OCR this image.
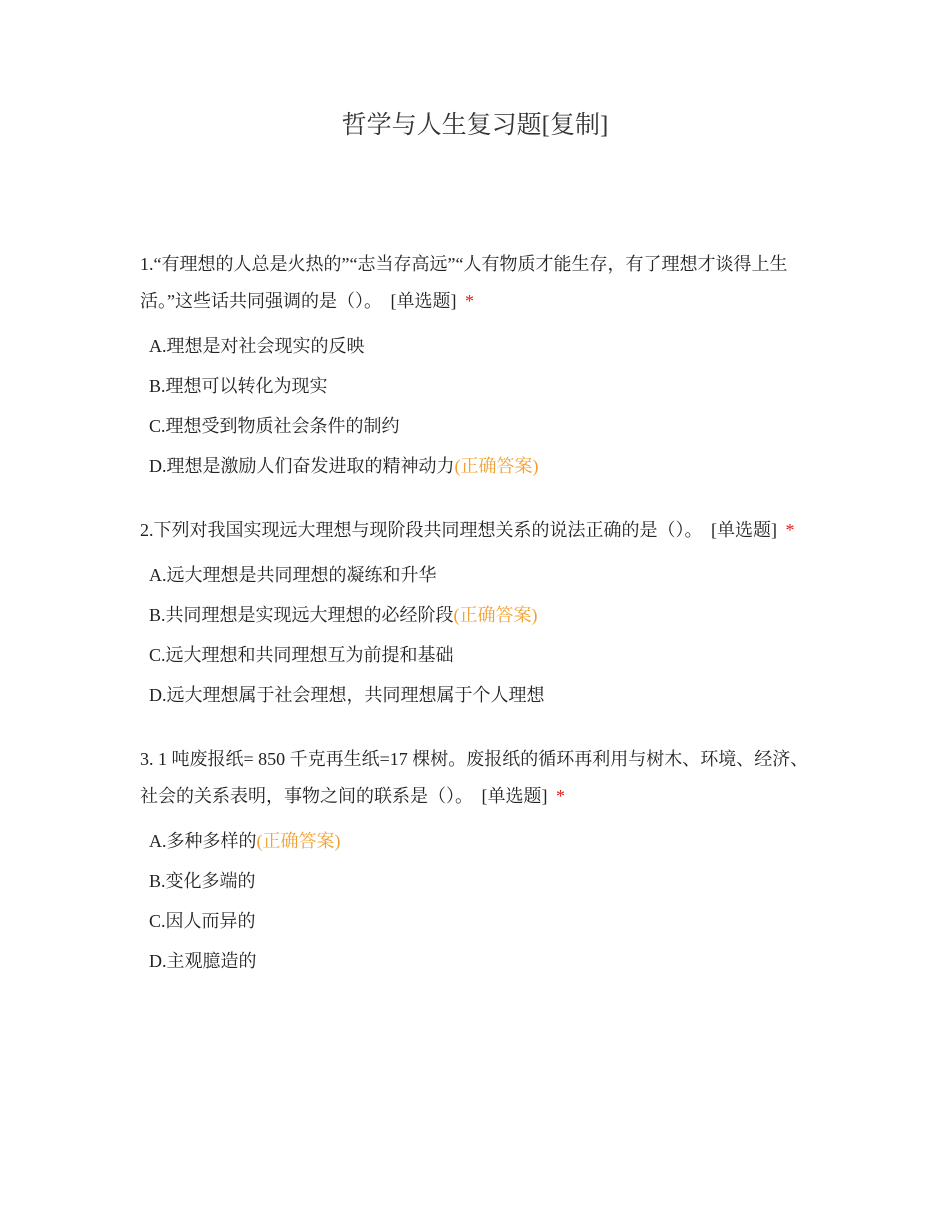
哲学与人生复习题[复制]
1.“有理想的人总是火热的”“志当存高远”“人有物质才能生存，有了理想才谈得上生活。”这些话共同强调的是（）。 [单选题] *
A.理想是对社会现实的反映
B.理想可以转化为现实
C.理想受到物质社会条件的制约
D.理想是激励人们奋发进取的精神动力(正确答案)
2.下列对我国实现远大理想与现阶段共同理想关系的说法正确的是（）。 [单选题] *
A.远大理想是共同理想的凝练和升华
B.共同理想是实现远大理想的必经阶段(正确答案)
C.远大理想和共同理想互为前提和基础
D.远大理想属于社会理想，共同理想属于个人理想
3. 1 吨废报纸= 850 千克再生纸=17 棵树。废报纸的循环再利用与树木、环境、经济、社会的关系表明，事物之间的联系是（）。 [单选题] *
A.多种多样的(正确答案)
B.变化多端的
C.因人而异的
D.主观臆造的
